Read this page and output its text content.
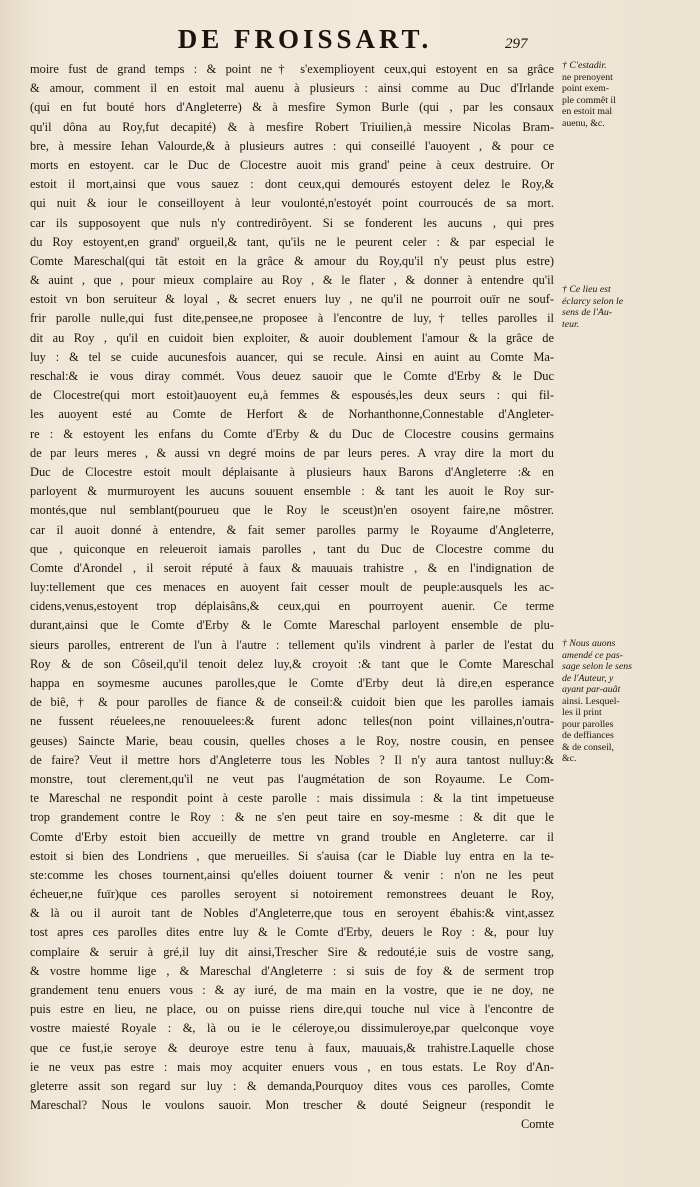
DE FROISSART.	297
moire fust de grand temps : & point ne† s'exemplioyent ceux,qui estoyent en sa grâce
& amour, comment il en estoit mal auenu à plusieurs : ainsi comme au Duc d'Irlande
(qui en fut bouté hors d'Angleterre) & à mesfire Symon Burle (qui , par les consaux
qu'il dôna au Roy,fut decapité) & à mesfire Robert Triuilien,à messire Nicolas Bram-
bre, à messire Iehan Valourde,& à plusieurs autres : qui conseillé l'auoyent , & pour ce
morts en estoyent. car le Duc de Clocestre auoit mis grand' peine à ceux destruire. Or
estoit il mort,ainsi que vous sauez : dont ceux,qui demourés estoyent delez le Roy,&
qui nuit & iour le conseilloyent à leur voulonté,n'estoyét point courroucés de sa mort.
car ils supposoyent que nuls n'y contredirôyent. Si se fonderent les aucuns , qui pres
du Roy estoyent,en grand' orgueil,& tant, qu'ils ne le peurent celer : & par especial le
Comte Mareschal(qui tât estoit en la grâce & amour du Roy,qu'il n'y peust plus estre)
& auint , que , pour mieux complaire au Roy , & le flater , & donner à entendre qu'il
estoit vn bon seruiteur & loyal , & secret enuers luy , ne qu'il ne pourroit ouïr ne souf-
frir parolle nulle,qui fust dite,pensee,ne proposee à l'encontre de luy,† telles parolles il
dit au Roy , qu'il en cuidoit bien exploiter, & auoir doublement l'amour & la grâce de
luy : & tel se cuide aucunesfois auancer, qui se recule. Ainsi en auint au Comte Ma-
reschal:& ie vous diray commét. Vous deuez sauoir que le Comte d'Erby & le Duc
de Clocestre(qui mort estoit)auoyent eu,à femmes & espousés,les deux seurs : qui fil-
les auoyent esté au Comte de Herfort & de Norhanthonne,Connestable d'Angleter-
re : & estoyent les enfans du Comte d'Erby & du Duc de Clocestre cousins germains
de par leurs meres , & aussi vn degré moins de par leurs peres. A vray dire la mort du
Duc de Clocestre estoit moult déplaisante à plusieurs haux Barons d'Angleterre :& en
parloyent & murmuroyent les aucuns souuent ensemble : & tant les auoit le Roy sur-
montés,que nul semblant(pourueu que le Roy le sceust)n'en osoyent faire,ne môstrer.
car il auoit donné à entendre, & fait semer parolles parmy le Royaume d'Angleterre,
que , quiconque en releueroit iamais parolles , tant du Duc de Clocestre comme du
Comte d'Arondel , il seroit réputé à faux & mauuais trahistre , & en l'indignation de
luy:tellement que ces menaces en auoyent fait cesser moult de peuple:ausquels les ac-
cidens,venus,estoyent trop déplaisâns,& ceux,qui en pourroyent auenir. Ce terme
durant,ainsi que le Comte d'Erby & le Comte Mareschal parloyent ensemble de plu-
sieurs parolles, entrerent de l'un à l'autre : tellement qu'ils vindrent à parler de l'estat du
Roy & de son Côseil,qu'il tenoit delez luy,& croyoit :& tant que le Comte Mareschal
happa en soymesme aucunes parolles,que le Comte d'Erby deut là dire,en esperance
de biê, † & pour parolles de fiance & de conseil:& cuidoit bien que les parolles iamais
ne fussent réuelees,ne renouuelees:& furent adonc telles(non point villaines,n'outra-
geuses) Saincte Marie, beau cousin, quelles choses a le Roy, nostre cousin, en pensee
de faire? Veut il mettre hors d'Angleterre tous les Nobles ? Il n'y aura tantost nulluy:&
monstre, tout clerement,qu'il ne veut pas l'augmétation de son Royaume. Le Com-
te Mareschal ne respondit point à ceste parolle : mais dissimula : & la tint impetueuse
trop grandement contre le Roy : & ne s'en peut taire en soy-mesme : & dit que le
Comte d'Erby estoit bien accueilly de mettre vn grand trouble en Angleterre. car il
estoit si bien des Londriens , que merueilles. Si s'auisa (car le Diable luy entra en la te-
ste:comme les choses tournent,ainsi qu'elles doiuent tourner & venir : n'on ne les peut
écheuer,ne fuïr)que ces parolles seroyent si notoirement remonstrees deuant le Roy,
& là ou il auroit tant de Nobles d'Angleterre,que tous en seroyent ébahis:& vint,assez
tost apres ces parolles dites entre luy & le Comte d'Erby, deuers le Roy : &, pour luy
complaire & seruir à gré,il luy dit ainsi,Trescher Sire & redouté,ie suis de vostre sang,
& vostre homme lige , & Mareschal d'Angleterre : si suis de foy & de serment trop
grandement tenu enuers vous : & ay iuré, de ma main en la vostre, que ie ne doy, ne
puis estre en lieu, ne place, ou on puisse riens dire,qui touche nul vice à l'encontre de
vostre maiesté Royale : &, là ou ie le céleroye,ou dissimuleroye,par quelconque voye
que ce fust,ie seroye & deuroye estre tenu à faux, mauuais,& trahistre.Laquelle chose
ie ne veux pas estre : mais moy acquiter enuers vous , en tous estats. Le Roy d'An-
gleterre assit son regard sur luy : & demanda,Pourquoy dites vous ces parolles, Comte
Mareschal? Nous le voulons sauoir. Mon trescher & douté Seigneur (respondit le
Comte
† C'estadir.
ne prenoyent
point exem-
ple commêt il
en estoit mal
auenu, &c.
† Ce lieu est
éclarcy selon le
sens de l'Au-
teur.
† Nous auons
amendé ce pas-
sage selon le sens
de l'Auteur, y
ayant par-auât
ainsi. Lesquel-
les il print
pour parolles
de deffiances
& de conseil,
&c.
